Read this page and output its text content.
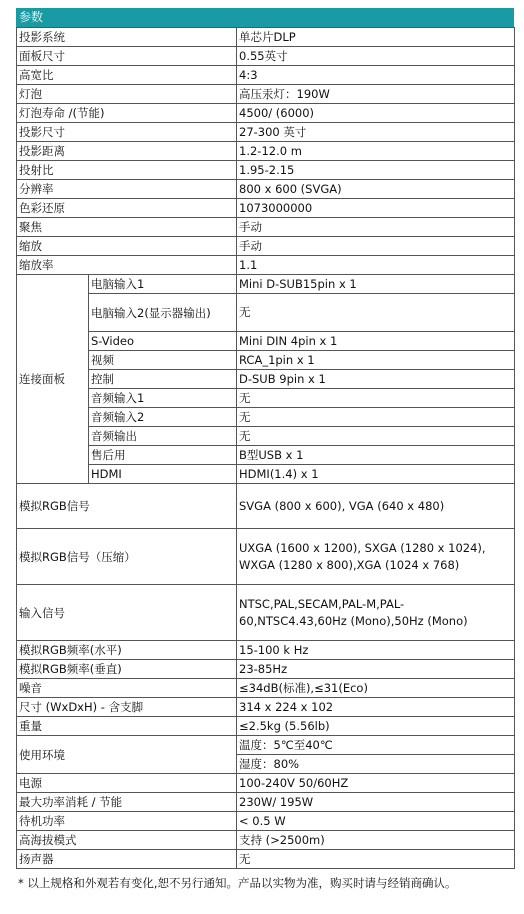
参数
投影系统		单芯片DLP
面板尺寸		0.55英寸
高宽比		4:3
灯泡		高压汞灯：190W
灯泡寿命 /(节能)		4500/ (6000)
投影尺寸		27-300 英寸
投影距离		1.2-12.0 m
投射比		1.95-2.15
分辨率		800 x 600 (SVGA)
色彩还原		1073000000
聚焦		手动
缩放		手动
缩放率		1.1
连接面板	电脑输入1	Mini D-SUB15pin x 1
	电脑输入2(显示器输出)	无
	S-Video	Mini DIN 4pin x 1
	视频	RCA_1pin x 1
	控制	D-SUB 9pin x 1
	音频输入1	无
	音频输入2	无
	音频输出	无
	售后用	B型USB x 1
	HDMI	HDMI(1.4) x 1
模拟RGB信号		SVGA (800 x 600), VGA (640 x 480)
模拟RGB信号（压缩）		UXGA (1600 x 1200), SXGA (1280 x 1024), WXGA (1280 x 800),XGA (1024 x 768)
输入信号		NTSC,PAL,SECAM,PAL-M,PAL-60,NTSC4.43,60Hz (Mono),50Hz (Mono)
模拟RGB频率(水平)		15-100 k Hz
模拟RGB频率(垂直)		23-85Hz
噪音		≤34dB(标准),≤31(Eco)
尺寸 (WxDxH) - 含支脚		314 x 224 x 102
重量		≤2.5kg (5.56lb)
使用环境		温度：5℃至40℃
		湿度：80%
电源		100-240V 50/60HZ
最大功率消耗 / 节能		230W/ 195W
待机功率		< 0.5 W
高海拔模式		支持 (>2500m)
扬声器		无
* 以上规格和外观若有变化,恕不另行通知。产品以实物为准，购买时请与经销商确认。
